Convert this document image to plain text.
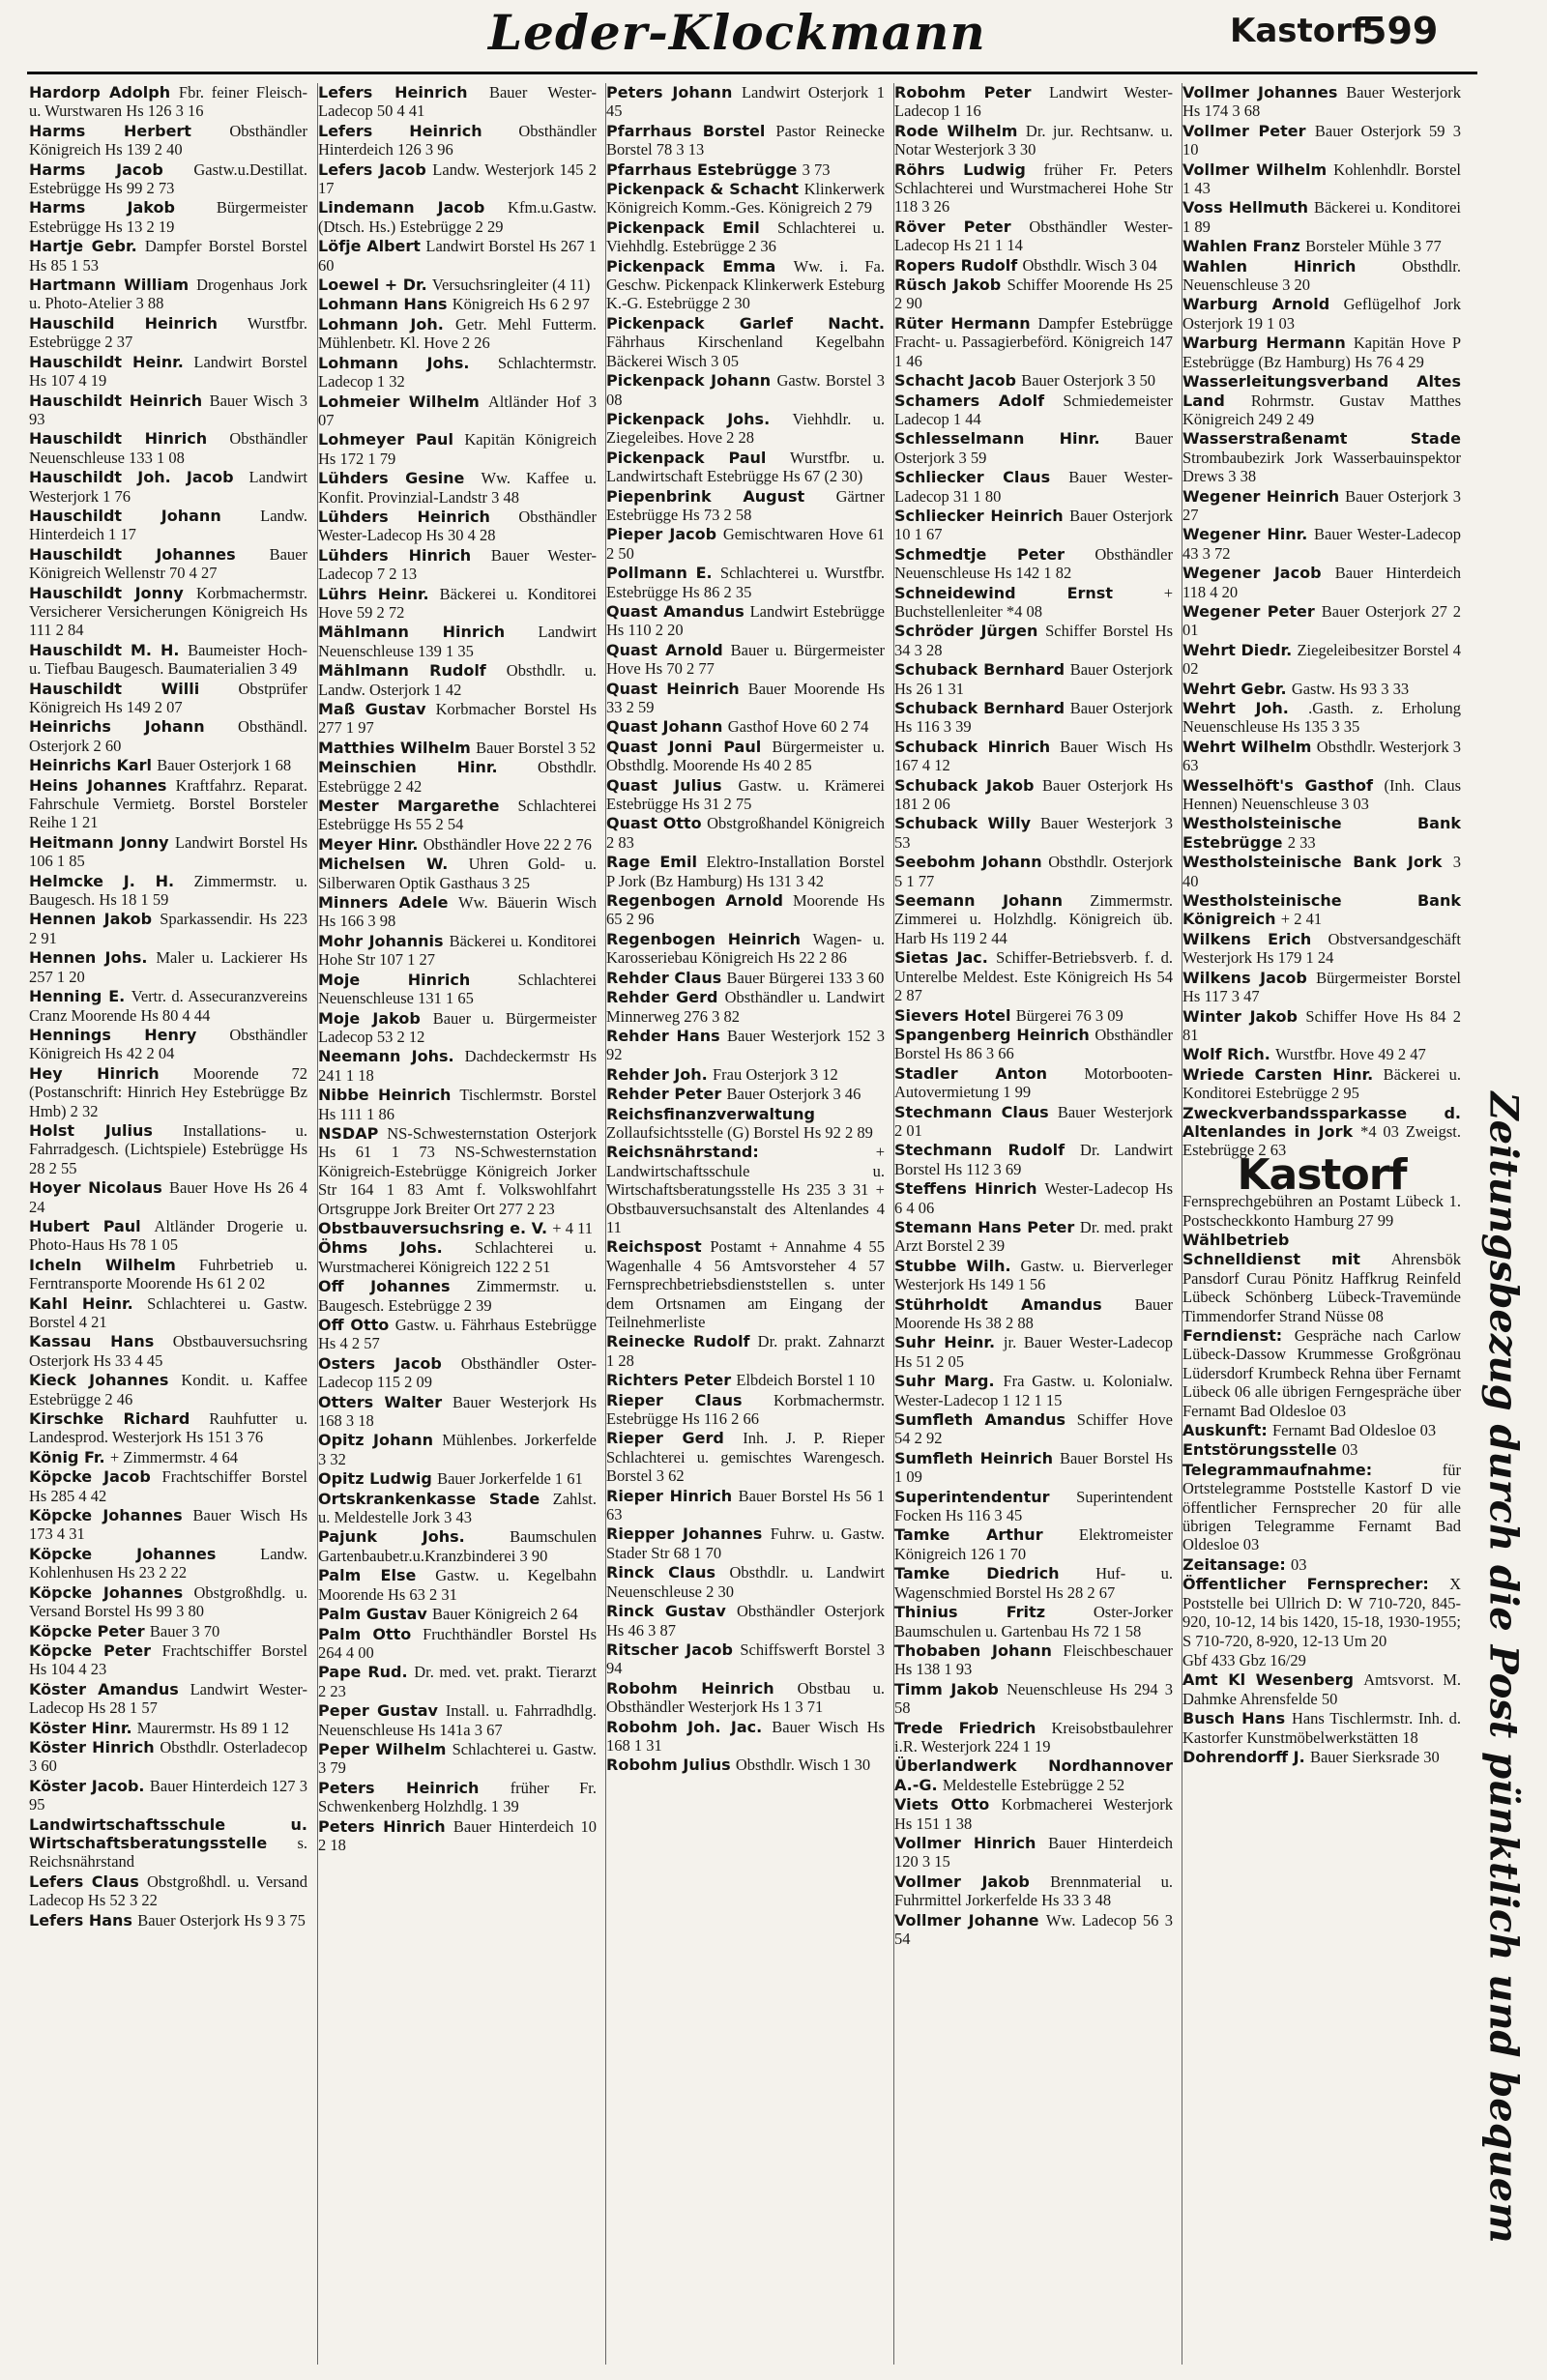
Leder-Klockmann	Kastorf
599
Hardorp Adolph Fbr. feiner Fleisch- u. Wurstwaren Hs 126 3 16
Harms Herbert Obsthändler Königreich Hs 139 2 40
Harms Jacob Gastw.u.Destillat. Estebrügge Hs 99 2 73
Harms Jakob	Bürgermeister Estebrügge Hs 13 2 19
Hartje Gebr. Dampfer Borstel Borstel Hs 85 1 53
Hartmann William Drogenhaus Jork u. Photo-Atelier 3 88
Hauschild Heinrich Wurstfbr. Estebrügge 2 37
Hauschildt Heinr. Landwirt Borstel Hs 107 4 19
Hauschildt Heinrich Bauer Wisch 3 93
Hauschildt Hinrich Obsthändler Neuenschleuse 133 1 08
Hauschildt Joh. Jacob Landwirt Westerjork 1 76
Hauschildt Johann Landw. Hinterdeich 1 17
Hauschildt Johannes Bauer Königreich Wellenstr 70 4 27
Hauschildt Jonny Korbmachermstr. Versicherer Versicherungen Königreich Hs 111 2 84
Hauschildt M. H. Baumeister Hoch- u. Tiefbau Baugesch. Baumaterialien 3 49
Hauschildt Willi Obstprüfer Königreich Hs 149 2 07
Heinrichs Johann Obsthändl. Osterjork 2 60
Heinrichs Karl Bauer Osterjork 1 68
Heins Johannes Kraftfahrz. Reparat. Fahrschule Vermietg. Borstel Borsteler Reihe 1 21
Heitmann Jonny Landwirt Borstel Hs 106 1 85
Helmcke J. H. Zimmermstr. u. Baugesch. Hs 18 1 59
Hennen Jakob Sparkassendir. Hs 223 2 91
Hennen Johs. Maler u. Lackierer Hs 257 1 20
Henning E. Vertr. d. Assecuranzvereins Cranz Moorende Hs 80 4 44
Hennings Henry Obsthändler Königreich Hs 42 2 04
Hey Hinrich Moorende 72 (Postanschrift: Hinrich Hey Estebrügge Bz Hmb) 2 32
Holst Julius Installations- u. Fahrradgesch. (Lichtspiele) Estebrügge Hs 28 2 55
Hoyer Nicolaus Bauer Hove Hs 26 4 24
Hubert Paul Altländer Drogerie u. Photo-Haus Hs 78 1 05
Icheln Wilhelm Fuhrbetrieb u. Ferntransporte Moorende Hs 61 2 02
Kahl Heinr. Schlachterei u. Gastw. Borstel 4 21
Kassau Hans Obstbauversuchsring Osterjork Hs 33 4 45
Kieck Johannes Kondit. u. Kaffee Estebrügge 2 46
Kirschke Richard Rauhfutter u. Landesprod. Westerjork Hs 151 3 76
König Fr. + Zimmermstr. 4 64
Köpcke Jacob Frachtschiffer Borstel Hs 285 4 42
Köpcke Johannes Bauer Wisch Hs 173 4 31
Köpcke Johannes	Landw. Kohlenhusen Hs 23 2 22
Köpcke Johannes Obstgroßhdlg. u. Versand Borstel Hs 99 3 80
Köpcke Peter Bauer 3 70
Köpcke Peter Frachtschiffer Borstel Hs 104 4 23
Köster Amandus Landwirt Wester-Ladecop Hs 28 1 57
Köster Hinr. Maurermstr. Hs 89 1 12
Köster Hinrich Obsthdlr. Osterladecop 3 60
Köster Jacob. Bauer Hinterdeich 127 3 95
Landwirtschaftsschule u. Wirtschaftsberatungsstelle s. Reichsnährstand
Lefers Claus Obstgroßhdl. u. Versand Ladecop Hs 52 3 22
Lefers Hans Bauer Osterjork Hs 9 3 75
Lefers Heinrich Bauer Wester-Ladecop 50 4 41
Lefers Heinrich Obsthändler Hinterdeich 126 3 96
Lefers Jacob Landw. Westerjork 145 2 17
Lindemann Jacob Kfm.u.Gastw. (Dtsch. Hs.) Estebrügge 2 29
Löfje Albert Landwirt Borstel Hs 267 1 60
Loewel + Dr. Versuchsringleiter (4 11)
Lohmann Hans Königreich Hs 6 2 97
Lohmann Joh. Getr. Mehl Futterm. Mühlenbetr. Kl. Hove 2 26
Lohmann Johs. Schlachtermstr. Ladecop 1 32
Lohmeier Wilhelm Altländer Hof 3 07
Lohmeyer Paul Kapitän Königreich Hs 172 1 79
Lühders Gesine Ww. Kaffee u. Konfit. Provinzial-Landstr 3 48
Lühders Heinrich Obsthändler Wester-Ladecop Hs 30 4 28
Lühders Hinrich Bauer Wester-Ladecop 7 2 13
Lührs Heinr. Bäckerei u. Konditorei Hove 59 2 72
Mählmann Hinrich Landwirt Neuenschleuse 139 1 35
Mählmann Rudolf Obsthdlr. u. Landw. Osterjork 1 42
Maß Gustav Korbmacher Borstel Hs 277 1 97
Matthies Wilhelm Bauer Borstel 3 52
Meinschien Hinr.	Obsthdlr. Estebrügge 2 42
Mester Margarethe Schlachterei Estebrügge Hs 55 2 54
Meyer Hinr. Obsthändler Hove 22 2 76
Michelsen W. Uhren Gold- u. Silberwaren Optik Gasthaus 3 25
Minners Adele Ww. Bäuerin Wisch Hs 166 3 98
Mohr Johannis Bäckerei u. Konditorei Hohe Str 107 1 27
Moje Hinrich	Schlachterei Neuenschleuse 131 1 65
Moje Jakob Bauer u. Bürgermeister Ladecop 53 2 12
Neemann Johs. Dachdeckermstr Hs 241 1 18
Nibbe Heinrich Tischlermstr. Borstel Hs 111 1 86
NSDAP NS-Schwesternstation Osterjork Hs 61 1 73 NS-Schwesternstation Königreich-Estebrügge Königreich Jorker Str 164 1 83 Amt f. Volkswohlfahrt Ortsgruppe Jork Breiter Ort 277 2 23
Obstbauversuchsring e. V. + 4 11
Öhms Johs. Schlachterei u. Wurstmacherei Königreich 122 2 51
Off Johannes Zimmermstr. u. Baugesch. Estebrügge 2 39
Off Otto Gastw. u. Fährhaus Estebrügge Hs 4 2 57
Osters Jacob Obsthändler Oster-Ladecop 115 2 09
Otters Walter Bauer Westerjork Hs 168 3 18
Opitz Johann Mühlenbes. Jorkerfelde 3 32
Opitz Ludwig Bauer Jorkerfelde 1 61
Ortskrankenkasse Stade Zahlst. u. Meldestelle Jork 3 43
Pajunk Johs.	Baumschulen Gartenbaubetr.u.Kranzbinderei 3 90
Palm Else Gastw. u. Kegelbahn Moorende Hs 63 2 31
Palm Gustav Bauer Königreich 2 64
Palm Otto Fruchthändler Borstel Hs 264 4 00
Pape Rud. Dr. med. vet. prakt. Tierarzt 2 23
Peper Gustav Install. u. Fahrradhdlg. Neuenschleuse Hs 141a 3 67
Peper Wilhelm Schlachterei u. Gastw. 3 79
Peters Heinrich früher Fr. Schwenkenberg Holzhdlg. 1 39
Peters Hinrich Bauer Hinterdeich 10 2 18
Peters Johann Landwirt Osterjork 1 45
Pfarrhaus Borstel Pastor Reinecke Borstel 78 3 13
Pfarrhaus Estebrügge 3 73
Pickenpack & Schacht Klinkerwerk Königreich Komm.-Ges. Königreich 2 79
Pickenpack Emil Schlachterei u. Viehhdlg. Estebrügge 2 36
Pickenpack Emma Ww. i. Fa. Geschw. Pickenpack Klinkerwerk Esteburg K.-G. Estebrügge 2 30
Pickenpack Garlef Nacht. Fährhaus Kirschenland Kegelbahn Bäckerei Wisch 3 05
Pickenpack Johann Gastw. Borstel 3 08
Pickenpack Johs. Viehhdlr. u. Ziegeleibes. Hove 2 28
Pickenpack Paul Wurstfbr. u. Landwirtschaft Estebrügge Hs 67 (2 30)
Piepenbrink August Gärtner Estebrügge Hs 73 2 58
Pieper Jacob Gemischtwaren Hove 61 2 50
Pollmann E. Schlachterei u. Wurstfbr. Estebrügge Hs 86 2 35
Quast Amandus Landwirt Estebrügge Hs 110 2 20
Quast Arnold Bauer u. Bürgermeister Hove Hs 70 2 77
Quast Heinrich Bauer Moorende Hs 33 2 59
Quast Johann Gasthof Hove 60 2 74
Quast Jonni Paul Bürgermeister u. Obsthdlg. Moorende Hs 40 2 85
Quast Julius Gastw. u. Krämerei Estebrügge Hs 31 2 75
Quast Otto Obstgroßhandel Königreich 2 83
Rage Emil Elektro-Installation Borstel P Jork (Bz Hamburg) Hs 131 3 42
Regenbogen Arnold Moorende Hs 65 2 96
Regenbogen Heinrich Wagen- u. Karosseriebau Königreich Hs 22 2 86
Rehder Claus Bauer Bürgerei 133 3 60
Rehder Gerd Obsthändler u. Landwirt Minnerweg 276 3 82
Rehder Hans Bauer Westerjork 152 3 92
Rehder Joh. Frau Osterjork 3 12
Rehder Peter Bauer Osterjork 3 46
Reichsfinanzverwaltung Zollaufsichtsstelle (G) Borstel Hs 92 2 89
Reichsnährstand:	+ Landwirtschaftsschule u. Wirtschaftsberatungsstelle Hs 235 3 31 + Obstbauversuchsanstalt des Altenlandes 4 11
Reichspost Postamt + Annahme 4 55 Wagenhalle 4 56 Amtsvorsteher 4 57 Fernsprechbetriebsdienststellen s. unter dem Ortsnamen am Eingang der Teilnehmerliste
Reinecke Rudolf Dr. prakt. Zahnarzt 1 28
Richters Peter Elbdeich Borstel 1 10
Rieper Claus Korbmachermstr. Estebrügge Hs 116 2 66
Rieper Gerd Inh. J. P. Rieper Schlachterei u. gemischtes Warengesch. Borstel 3 62
Rieper Hinrich Bauer Borstel Hs 56 1 63
Riepper Johannes Fuhrw. u. Gastw. Stader Str 68 1 70
Rinck Claus Obsthdlr. u. Landwirt Neuenschleuse 2 30
Rinck Gustav Obsthändler Osterjork Hs 46 3 87
Ritscher Jacob Schiffswerft Borstel 3 94
Robohm Heinrich Obstbau u. Obsthändler Westerjork Hs 1 3 71
Robohm Joh. Jac. Bauer Wisch Hs 168 1 31
Robohm Julius Obsthdlr. Wisch 1 30
Robohm Peter Landwirt Wester-Ladecop 1 16
Rode Wilhelm Dr. jur. Rechtsanw. u. Notar Westerjork 3 30
Röhrs Ludwig früher Fr. Peters Schlachterei und Wurstmacherei Hohe Str 118 3 26
Röver Peter Obsthändler Wester-Ladecop Hs 21 1 14
Ropers Rudolf Obsthdlr. Wisch 3 04
Rüsch Jakob Schiffer Moorende Hs 25 2 90
Rüter Hermann Dampfer Estebrügge Fracht- u. Passagierbeförd. Königreich 147 1 46
Schacht Jacob Bauer Osterjork 3 50
Schamers Adolf Schmiedemeister Ladecop 1 44
Schlesselmann Hinr. Bauer Osterjork 3 59
Schliecker Claus Bauer Wester-Ladecop 31 1 80
Schliecker Heinrich Bauer Osterjork 10 1 67
Schmedtje Peter Obsthändler Neuenschleuse Hs 142 1 82
Schneidewind Ernst	+ Buchstellenleiter *4 08
Schröder Jürgen Schiffer Borstel Hs 34 3 28
Schuback Bernhard Bauer Osterjork Hs 26 1 31
Schuback Bernhard Bauer Osterjork Hs 116 3 39
Schuback Hinrich Bauer Wisch Hs 167 4 12
Schuback Jakob Bauer Osterjork Hs 181 2 06
Schuback Willy Bauer Westerjork 3 53
Seebohm Johann Obsthdlr. Osterjork 5 1 77
Seemann Johann Zimmermstr. Zimmerei u. Holzhdlg. Königreich üb. Harb Hs 119 2 44
Sietas Jac. Schiffer-Betriebsverb. f. d. Unterelbe Meldest. Este Königreich Hs 54 2 87
Sievers Hotel Bürgerei 76 3 09
Spangenberg Heinrich Obsthändler Borstel Hs 86 3 66
Stadler Anton Motorbooten-Autovermietung 1 99
Stechmann Claus Bauer Westerjork 2 01
Stechmann Rudolf Dr. Landwirt Borstel Hs 112 3 69
Steffens Hinrich Wester-Ladecop Hs 6 4 06
Stemann Hans Peter Dr. med. prakt Arzt Borstel 2 39
Stubbe Wilh. Gastw. u. Bierverleger Westerjork Hs 149 1 56
Stührholdt Amandus Bauer Moorende Hs 38 2 88
Suhr Heinr. jr. Bauer Wester-Ladecop Hs 51 2 05
Suhr Marg. Fra Gastw. u. Kolonialw. Wester-Ladecop 1 12 1 15
Sumfleth Amandus Schiffer Hove 54 2 92
Sumfleth Heinrich Bauer Borstel Hs 1 09
Superintendentur Superintendent Focken Hs 116 3 45
Tamke Arthur Elektromeister Königreich 126 1 70
Tamke Diedrich Huf- u. Wagenschmied Borstel Hs 28 2 67
Thinius Fritz	Oster-Jorker Baumschulen u. Gartenbau Hs 72 1 58
Thobaben Johann Fleischbeschauer Hs 138 1 93
Timm Jakob Neuenschleuse Hs 294 3 58
Trede Friedrich Kreisobstbaulehrer i.R. Westerjork 224 1 19
Überlandwerk Nordhannover A.-G. Meldestelle Estebrügge 2 52
Viets Otto Korbmacherei Westerjork Hs 151 1 38
Vollmer Hinrich Bauer Hinterdeich 120 3 15
Vollmer Jakob Brennmaterial u. Fuhrmittel Jorkerfelde Hs 33 3 48
Vollmer Johanne Ww. Ladecop 56 3 54
Vollmer Johannes Bauer Westerjork Hs 174 3 68
Vollmer Peter Bauer Osterjork 59 3 10
Vollmer Wilhelm Kohlenhdlr. Borstel 1 43
Voss Hellmuth Bäckerei u. Konditorei 1 89
Wahlen Franz Borsteler Mühle 3 77
Wahlen Hinrich	Obsthdlr. Neuenschleuse 3 20
Warburg Arnold Geflügelhof Jork Osterjork 19 1 03
Warburg Hermann Kapitän Hove P Estebrügge (Bz Hamburg) Hs 76 4 29
Wasserleitungsverband Altes Land Rohrmstr. Gustav Matthes Königreich 249 2 49
Wasserstraßenamt Stade Strombaubezirk Jork Wasserbauinspektor Drews 3 38
Wegener Heinrich Bauer Osterjork 3 27
Wegener Hinr. Bauer Wester-Ladecop 43 3 72
Wegener Jacob Bauer Hinterdeich 118 4 20
Wegener Peter Bauer Osterjork 27 2 01
Wehrt Diedr. Ziegeleibesitzer Borstel 4 02
Wehrt Gebr. Gastw. Hs 93 3 33
Wehrt Joh. .Gasth. z. Erholung Neuenschleuse Hs 135 3 35
Wehrt Wilhelm Obsthdlr. Westerjork 3 63
Wesselhöft's Gasthof (Inh. Claus Hennen) Neuenschleuse 3 03
Westholsteinische Bank Estebrügge 2 33
Westholsteinische Bank Jork 3 40
Westholsteinische Bank Königreich + 2 41
Wilkens Erich Obstversandgeschäft Westerjork Hs 179 1 24
Wilkens Jacob Bürgermeister Borstel Hs 117 3 47
Winter Jakob Schiffer Hove Hs 84 2 81
Wolf Rich. Wurstfbr. Hove 49 2 47
Wriede Carsten Hinr. Bäckerei u. Konditorei Estebrügge 2 95
Zweckverbandssparkasse d. Altenlandes in Jork *4 03 Zweigst. Estebrügge 2 63
Kastorf
Fernsprechgebühren an Postamt Lübeck 1. Postscheckkonto Hamburg 27 99
Wählbetrieb
Schnelldienst mit Ahrensbök Pansdorf Curau Pönitz Haffkrug Reinfeld Lübeck Schönberg Lübeck-Travemünde Timmendorfer Strand Nüsse 08
Ferndienst: Gespräche nach Carlow Lübeck-Dassow Krummesse Großgrönau Lüdersdorf Krumbeck Rehna über Fernamt Lübeck 06 alle übrigen Ferngespräche über Fernamt Bad Oldesloe 03
Auskunft: Fernamt Bad Oldesloe 03
Entstörungsstelle 03
Telegrammaufnahme:	für Ortstelegramme Poststelle Kastorf D vie öffentlicher Fernsprecher 20 für alle übrigen Telegramme Fernamt Bad Oldesloe 03
Zeitansage: 03
Öffentlicher Fernsprecher: X Poststelle bei Ullrich D: W 710-720, 845-920, 10-12, 14 bis 1420, 15-18, 1930-1955; S 710-720, 8-920, 12-13 Um 20
Gbf 433 Gbz 16/29
Amt Kl Wesenberg Amtsvorst. M. Dahmke Ahrensfelde 50
Busch Hans Hans Tischlermstr. Inh. d. Kastorfer Kunstmöbelwerkstätten 18
Dohrendorff J. Bauer Sierksrade 30	Zeitungsbezug durch die Post pünktlich und bequem
